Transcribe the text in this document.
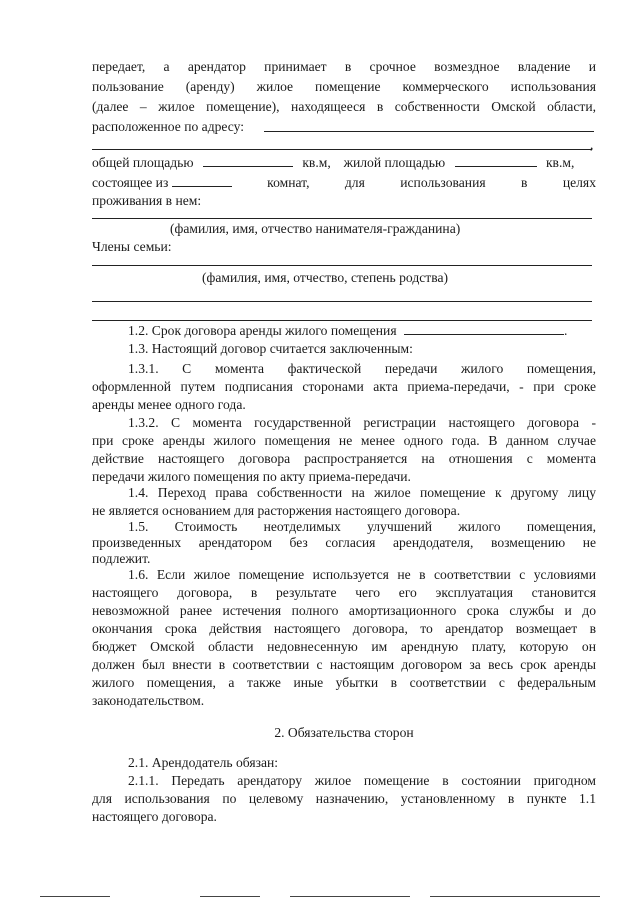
передает, а арендатор принимает в срочное возмездное владение и
пользование (аренду) жилое помещение коммерческого использования
(далее – жилое помещение), находящееся в собственности Омской области,
расположенное по адресу:
,
общей площадью	кв.м, жилой площадью	кв.м,
состоящее из	комнат,	для	использования	в	целях
проживания в нем:
(фамилия, имя, отчество нанимателя-гражданина)
Члены семьи:
(фамилия, имя, отчество, степень родства)
1.2. Срок договора аренды жилого помещения	.
1.3. Настоящий договор считается заключенным:
1.3.1. С момента фактической передачи жилого помещения,
оформленной путем подписания сторонами акта приема-передачи, - при сроке
аренды менее одного года.
1.3.2. С момента государственной регистрации настоящего договора -
при сроке аренды жилого помещения не менее одного года. В данном случае
действие настоящего договора распространяется на отношения с момента
передачи жилого помещения по акту приема-передачи.
1.4. Переход права собственности на жилое помещение к другому лицу
не является основанием для расторжения настоящего договора.
1.5. Стоимость неотделимых улучшений жилого помещения,
произведенных арендатором без согласия арендодателя, возмещению не
подлежит.
1.6. Если жилое помещение используется не в соответствии с условиями
настоящего договора, в результате чего его эксплуатация становится
невозможной ранее истечения полного амортизационного срока службы и до
окончания срока действия настоящего договора, то арендатор возмещает в
бюджет Омской области недовнесенную им арендную плату, которую он
должен был внести в соответствии с настоящим договором за весь срок аренды
жилого помещения, а также иные убытки в соответствии с федеральным
законодательством.
2. Обязательства сторон
2.1. Арендодатель обязан:
2.1.1. Передать арендатору жилое помещение в состоянии пригодном
для использования по целевому назначению, установленному в пункте 1.1
настоящего договора.
